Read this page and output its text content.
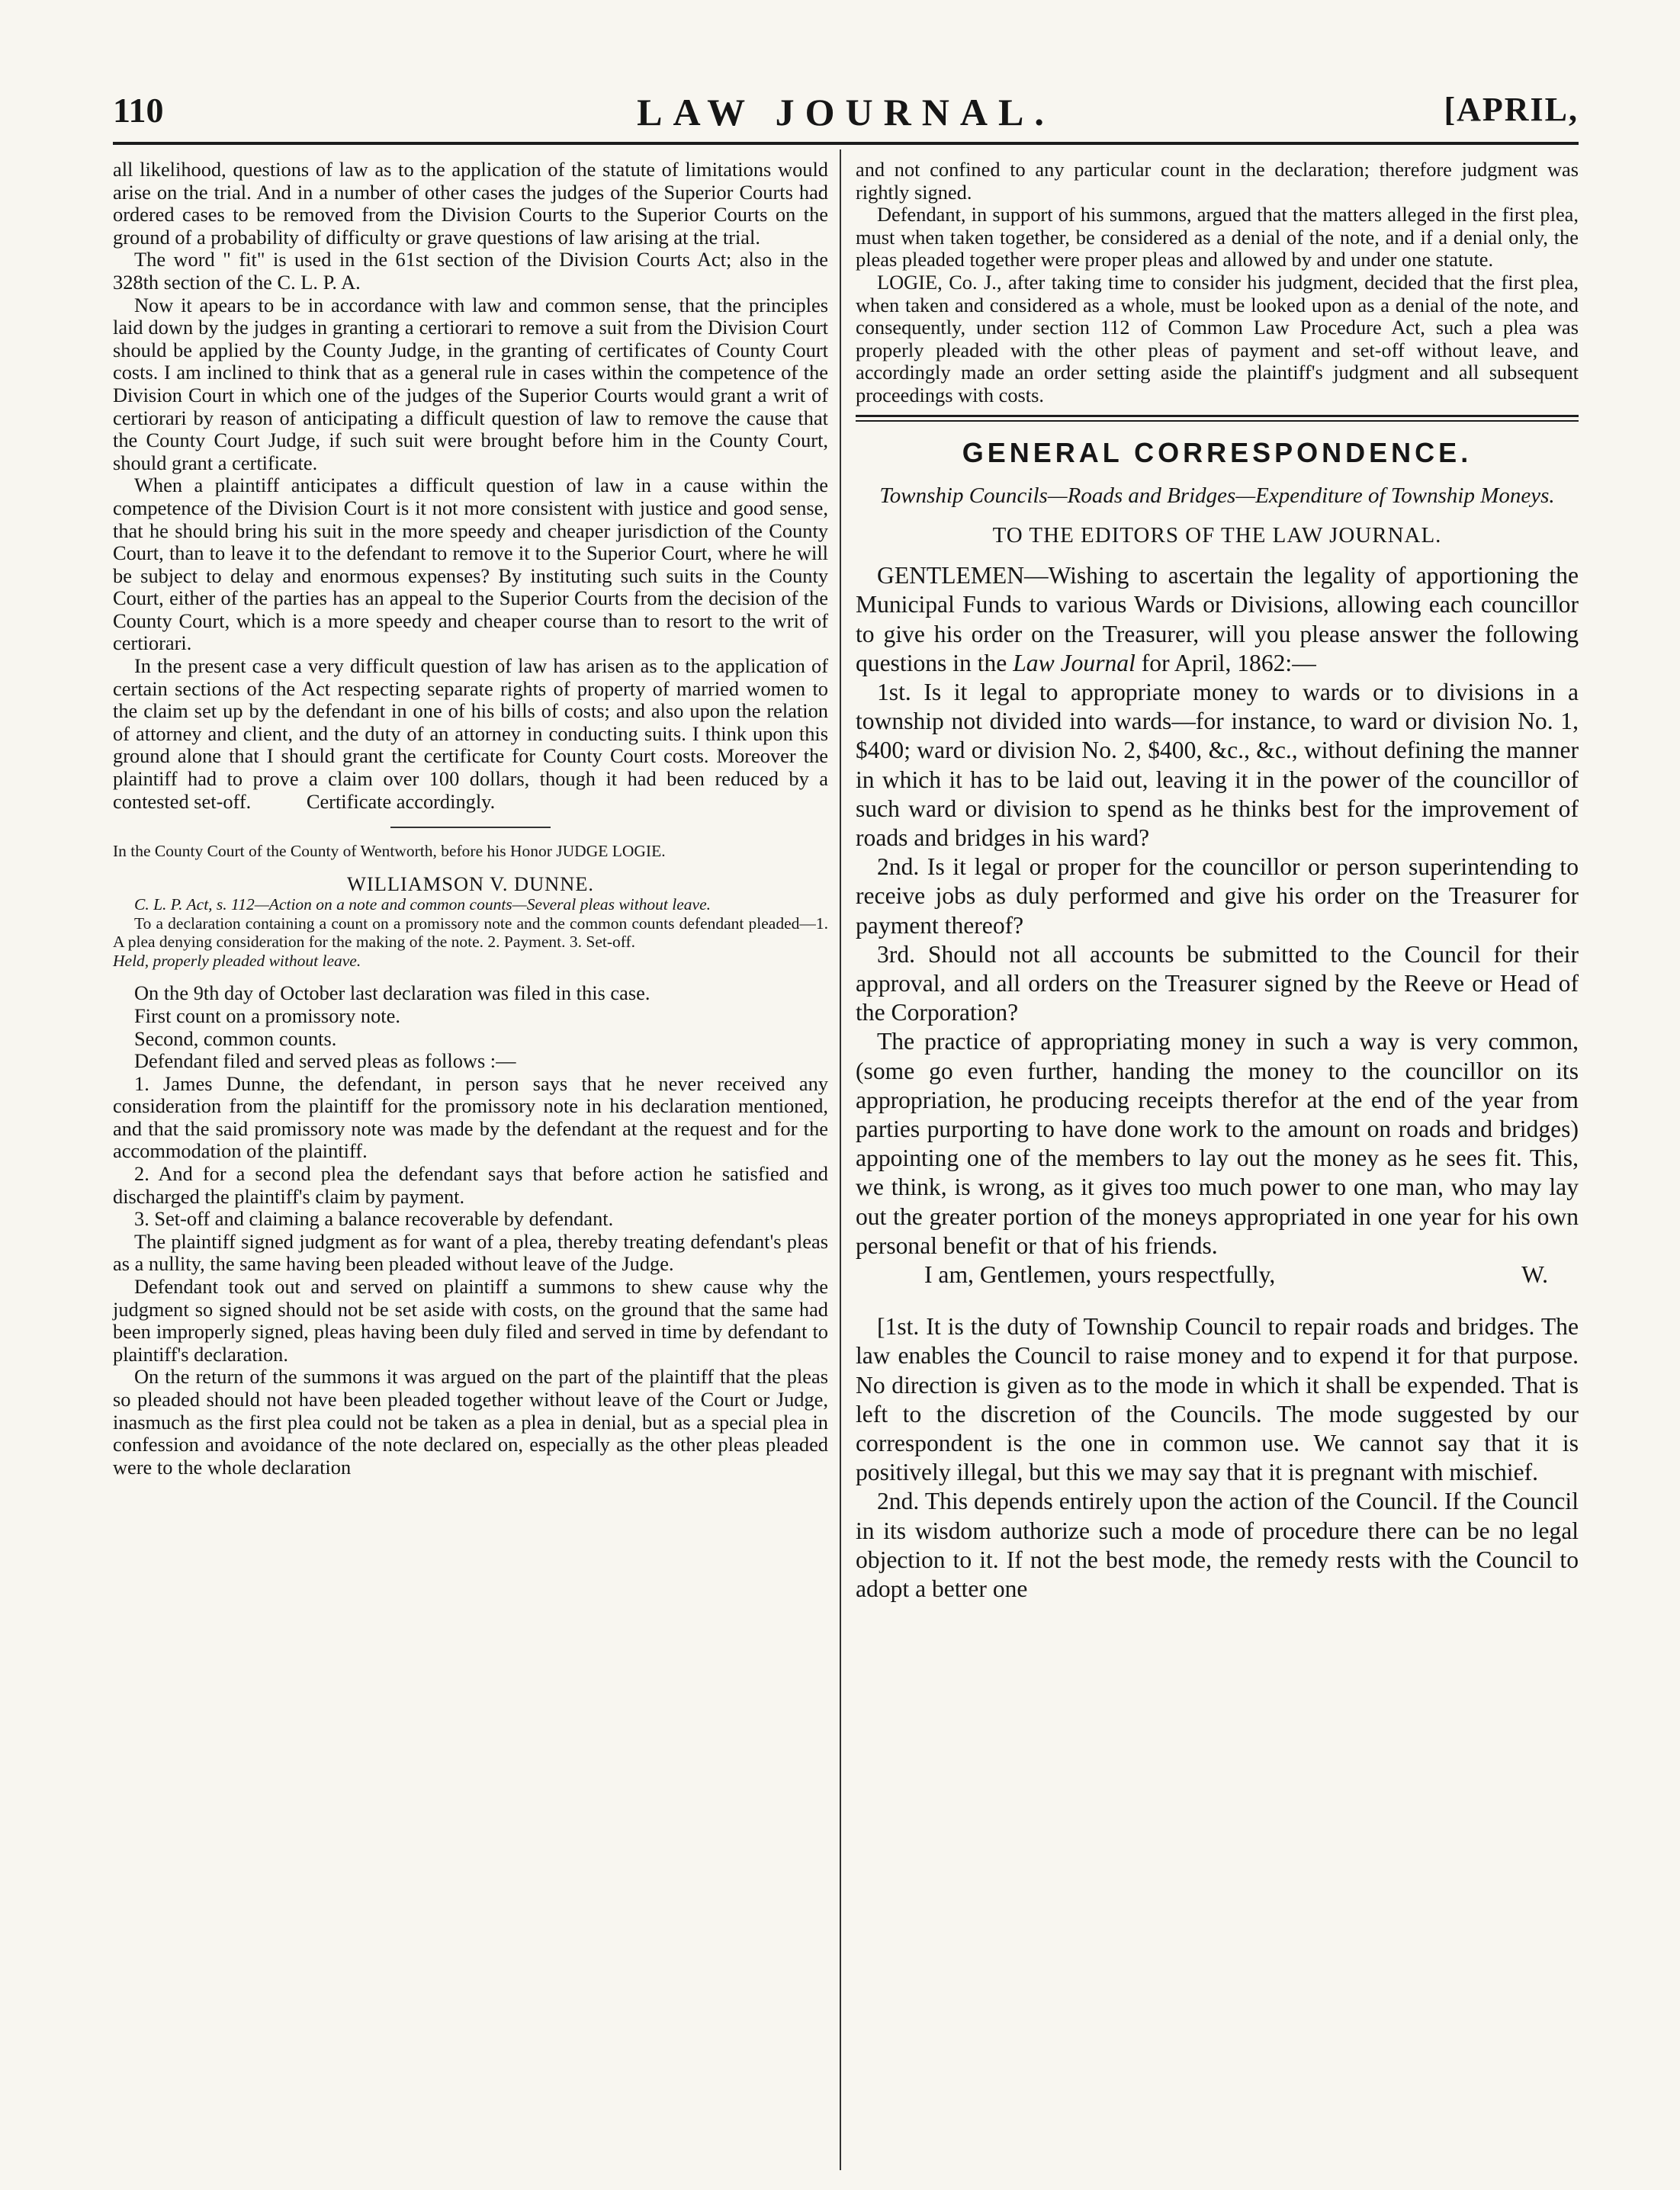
110	LAW JOURNAL.	[APRIL,

all likelihood, questions of law as to the application of the statute of limitations would arise on the trial. And in a number of other cases the judges of the Superior Courts had ordered cases to be removed from the Division Courts to the Superior Courts on the ground of a probability of difficulty or grave questions of law arising at the trial.

The word " fit" is used in the 61st section of the Division Courts Act; also in the 328th section of the C. L. P. A.

Now it apears to be in accordance with law and common sense, that the principles laid down by the judges in granting a certiorari to remove a suit from the Division Court should be applied by the County Judge, in the granting of certificates of County Court costs. I am inclined to think that as a general rule in cases within the competence of the Division Court in which one of the judges of the Superior Courts would grant a writ of certiorari by reason of anticipating a difficult question of law to remove the cause that the County Court Judge, if such suit were brought before him in the County Court, should grant a certificate.

When a plaintiff anticipates a difficult question of law in a cause within the competence of the Division Court is it not more consistent with justice and good sense, that he should bring his suit in the more speedy and cheaper jurisdiction of the County Court, than to leave it to the defendant to remove it to the Superior Court, where he will be subject to delay and enormous expenses? By instituting such suits in the County Court, either of the parties has an appeal to the Superior Courts from the decision of the County Court, which is a more speedy and cheaper course than to resort to the writ of certiorari.

In the present case a very difficult question of law has arisen as to the application of certain sections of the Act respecting separate rights of property of married women to the claim set up by the defendant in one of his bills of costs; and also upon the relation of attorney and client, and the duty of an attorney in conducting suits. I think upon this ground alone that I should grant the certificate for County Court costs. Moreover the plaintiff had to prove a claim over 100 dollars, though it had been reduced by a contested set-off.	Certificate accordingly.

In the County Court of the County of Wentworth, before his Honor JUDGE LOGIE.

WILLIAMSON V. DUNNE.

C. L. P. Act, s. 112—Action on a note and common counts—Several pleas without leave.

To a declaration containing a count on a promissory note and the common counts defendant pleaded—1. A plea denying consideration for the making of the note. 2. Payment. 3. Set-off.

Held, properly pleaded without leave.

On the 9th day of October last declaration was filed in this case.

First count on a promissory note.

Second, common counts.

Defendant filed and served pleas as follows :—

1. James Dunne, the defendant, in person says that he never received any consideration from the plaintiff for the promissory note in his declaration mentioned, and that the said promissory note was made by the defendant at the request and for the accommodation of the plaintiff.

2. And for a second plea the defendant says that before action he satisfied and discharged the plaintiff's claim by payment.

3. Set-off and claiming a balance recoverable by defendant.

The plaintiff signed judgment as for want of a plea, thereby treating defendant's pleas as a nullity, the same having been pleaded without leave of the Judge.

Defendant took out and served on plaintiff a summons to shew cause why the judgment so signed should not be set aside with costs, on the ground that the same had been improperly signed, pleas having been duly filed and served in time by defendant to plaintiff's declaration.

On the return of the summons it was argued on the part of the plaintiff that the pleas so pleaded should not have been pleaded together without leave of the Court or Judge, inasmuch as the first plea could not be taken as a plea in denial, but as a special plea in confession and avoidance of the note declared on, especially as the other pleas pleaded were to the whole declaration

and not confined to any particular count in the declaration; therefore judgment was rightly signed.

Defendant, in support of his summons, argued that the matters alleged in the first plea, must when taken together, be considered as a denial of the note, and if a denial only, the pleas pleaded together were proper pleas and allowed by and under one statute.

LOGIE, Co. J., after taking time to consider his judgment, decided that the first plea, when taken and considered as a whole, must be looked upon as a denial of the note, and consequently, under section 112 of Common Law Procedure Act, such a plea was properly pleaded with the other pleas of payment and set-off without leave, and accordingly made an order setting aside the plaintiff's judgment and all subsequent proceedings with costs.

GENERAL CORRESPONDENCE.

Township Councils—Roads and Bridges—Expenditure of Township Moneys.

TO THE EDITORS OF THE LAW JOURNAL.

GENTLEMEN—Wishing to ascertain the legality of apportioning the Municipal Funds to various Wards or Divisions, allowing each councillor to give his order on the Treasurer, will you please answer the following questions in the Law Journal for April, 1862:—

1st. Is it legal to appropriate money to wards or to divisions in a township not divided into wards—for instance, to ward or division No. 1, $400; ward or division No. 2, $400, &c., &c., without defining the manner in which it has to be laid out, leaving it in the power of the councillor of such ward or division to spend as he thinks best for the improvement of roads and bridges in his ward?

2nd. Is it legal or proper for the councillor or person superintending to receive jobs as duly performed and give his order on the Treasurer for payment thereof?

3rd. Should not all accounts be submitted to the Council for their approval, and all orders on the Treasurer signed by the Reeve or Head of the Corporation?

The practice of appropriating money in such a way is very common, (some go even further, handing the money to the councillor on its appropriation, he producing receipts therefor at the end of the year from parties purporting to have done work to the amount on roads and bridges) appointing one of the members to lay out the money as he sees fit. This, we think, is wrong, as it gives too much power to one man, who may lay out the greater portion of the moneys appropriated in one year for his own personal benefit or that of his friends.

I am, Gentlemen, yours respectfully,	W.

[1st. It is the duty of Township Council to repair roads and bridges. The law enables the Council to raise money and to expend it for that purpose. No direction is given as to the mode in which it shall be expended. That is left to the discretion of the Councils. The mode suggested by our correspondent is the one in common use. We cannot say that it is positively illegal, but this we may say that it is pregnant with mischief.

2nd. This depends entirely upon the action of the Council. If the Council in its wisdom authorize such a mode of procedure there can be no legal objection to it. If not the best mode, the remedy rests with the Council to adopt a better one
